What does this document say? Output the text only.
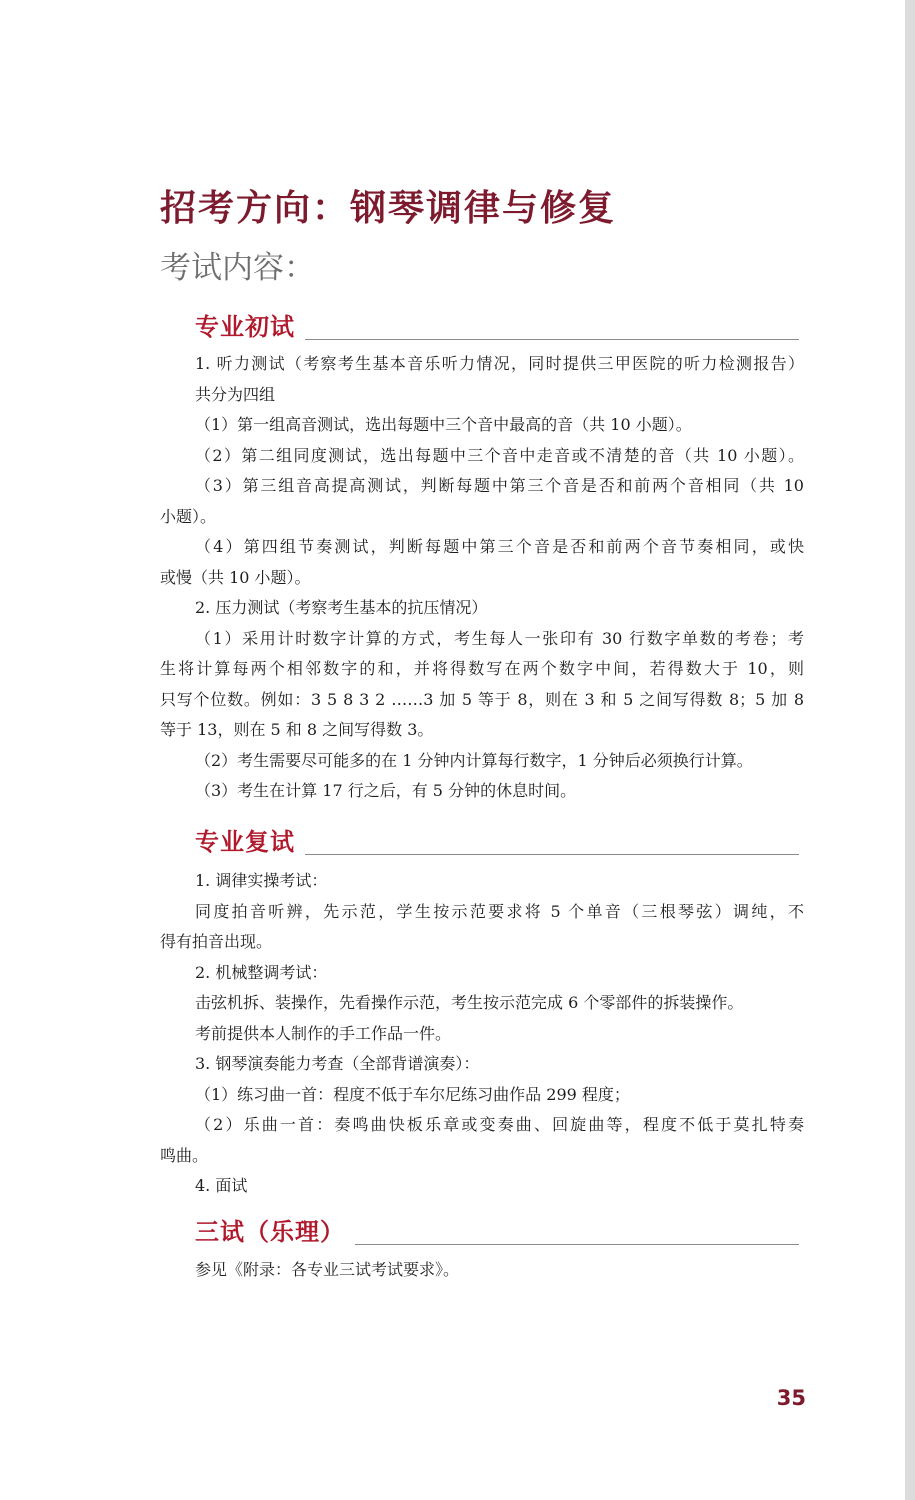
招考方向：钢琴调律与修复
考试内容：
专业初试
1. 听力测试（考察考生基本音乐听力情况，同时提供三甲医院的听力检测报告）
共分为四组
（1）第一组高音测试，选出每题中三个音中最高的音（共 10 小题）。
（2）第二组同度测试，选出每题中三个音中走音或不清楚的音（共 10 小题）。
（3）第三组音高提高测试，判断每题中第三个音是否和前两个音相同（共 10
小题）。
（4）第四组节奏测试，判断每题中第三个音是否和前两个音节奏相同，或快
或慢（共 10 小题）。
2. 压力测试（考察考生基本的抗压情况）
（1）采用计时数字计算的方式，考生每人一张印有 30 行数字单数的考卷；考
生将计算每两个相邻数字的和，并将得数写在两个数字中间，若得数大于 10，则
只写个位数。例如：3 5 8 3 2 ……3 加 5 等于 8，则在 3 和 5 之间写得数 8；5 加 8
等于 13，则在 5 和 8 之间写得数 3。
（2）考生需要尽可能多的在 1 分钟内计算每行数字，1 分钟后必须换行计算。
（3）考生在计算 17 行之后，有 5 分钟的休息时间。
专业复试
1. 调律实操考试：
同度拍音听辨，先示范，学生按示范要求将 5 个单音（三根琴弦）调纯，不
得有拍音出现。
2. 机械整调考试：
击弦机拆、装操作，先看操作示范，考生按示范完成 6 个零部件的拆装操作。
考前提供本人制作的手工作品一件。
3. 钢琴演奏能力考查（全部背谱演奏）：
（1）练习曲一首：程度不低于车尔尼练习曲作品 299 程度；
（2）乐曲一首：奏鸣曲快板乐章或变奏曲、回旋曲等，程度不低于莫扎特奏
鸣曲。
4. 面试
三试（乐理）
参见《附录：各专业三试考试要求》。
35
